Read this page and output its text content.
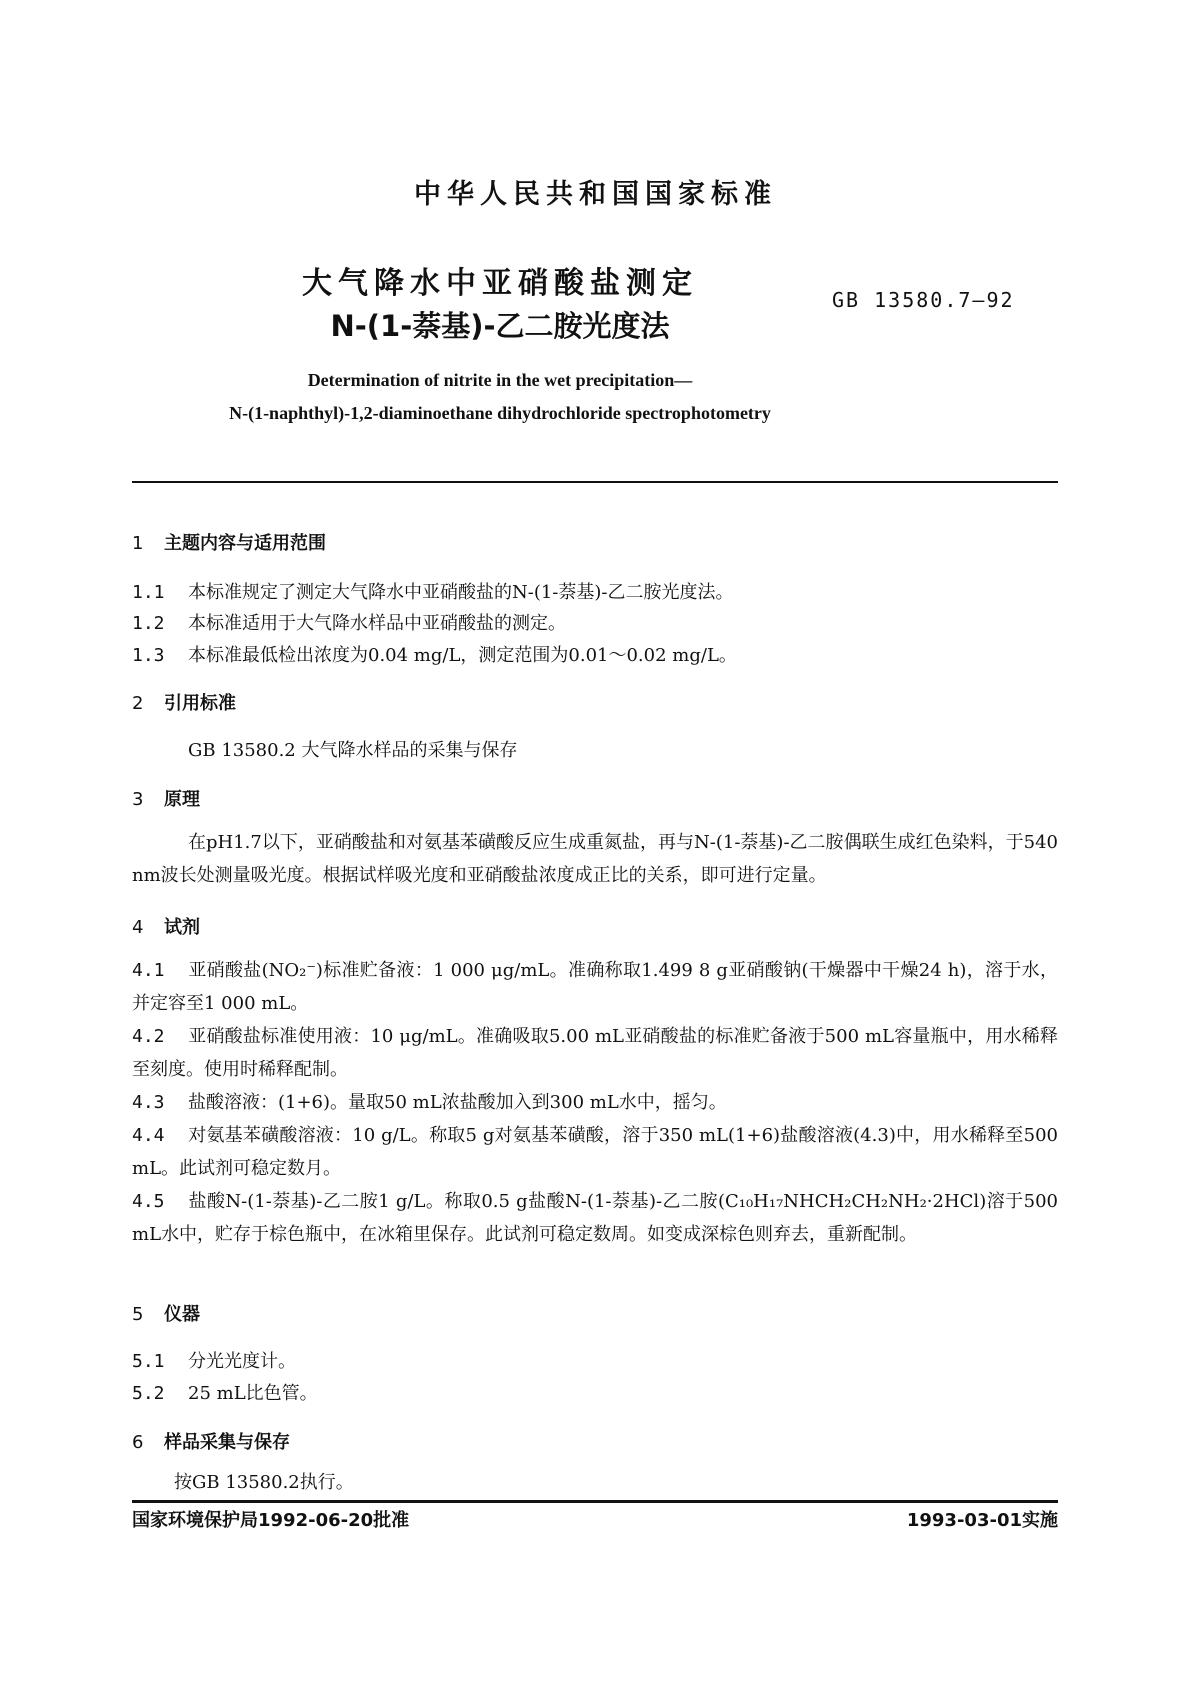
中华人民共和国国家标准
大气降水中亚硝酸盐测定
N-(1-萘基)-乙二胺光度法
GB 13580.7—92
Determination of nitrite in the wet precipitation—
N-(1-naphthyl)-1,2-diaminoethane dihydrochloride spectrophotometry
1 主题内容与适用范围
1.1 本标准规定了测定大气降水中亚硝酸盐的N-(1-萘基)-乙二胺光度法。
1.2 本标准适用于大气降水样品中亚硝酸盐的测定。
1.3 本标准最低检出浓度为0.04 mg/L，测定范围为0.01～0.02 mg/L。
2 引用标准
GB 13580.2 大气降水样品的采集与保存
3 原理
在pH1.7以下，亚硝酸盐和对氨基苯磺酸反应生成重氮盐，再与N-(1-萘基)-乙二胺偶联生成红色染料，于540 nm波长处测量吸光度。根据试样吸光度和亚硝酸盐浓度成正比的关系，即可进行定量。
4 试剂
4.1 亚硝酸盐(NO₂⁻)标准贮备液：1 000 μg/mL。准确称取1.499 8 g亚硝酸钠(干燥器中干燥24 h)，溶于水，并定容至1 000 mL。
4.2 亚硝酸盐标准使用液：10 μg/mL。准确吸取5.00 mL亚硝酸盐的标准贮备液于500 mL容量瓶中，用水稀释至刻度。使用时稀释配制。
4.3 盐酸溶液：(1+6)。量取50 mL浓盐酸加入到300 mL水中，摇匀。
4.4 对氨基苯磺酸溶液：10 g/L。称取5 g对氨基苯磺酸，溶于350 mL(1+6)盐酸溶液(4.3)中，用水稀释至500 mL。此试剂可稳定数月。
4.5 盐酸N-(1-萘基)-乙二胺1 g/L。称取0.5 g盐酸N-(1-萘基)-乙二胺(C₁₀H₁₇NHCH₂CH₂NH₂·2HCl)溶于500 mL水中，贮存于棕色瓶中，在冰箱里保存。此试剂可稳定数周。如变成深棕色则弃去，重新配制。
5 仪器
5.1 分光光度计。
5.2 25 mL比色管。
6 样品采集与保存
按GB 13580.2执行。
国家环境保护局1992-06-20批准	1993-03-01实施
